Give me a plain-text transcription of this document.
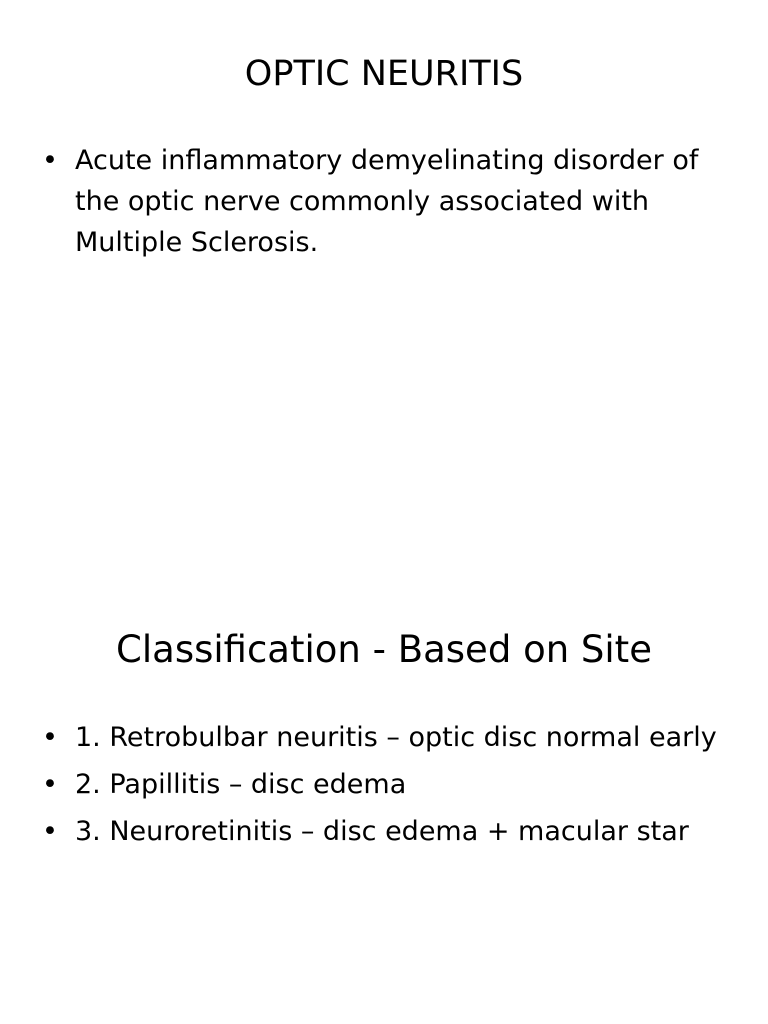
OPTIC NEURITIS
• Acute inflammatory demyelinating disorder of the optic nerve commonly associated with Multiple Sclerosis.
Classification - Based on Site
• 1. Retrobulbar neuritis – optic disc normal early
• 2. Papillitis – disc edema
• 3. Neuroretinitis – disc edema + macular star
